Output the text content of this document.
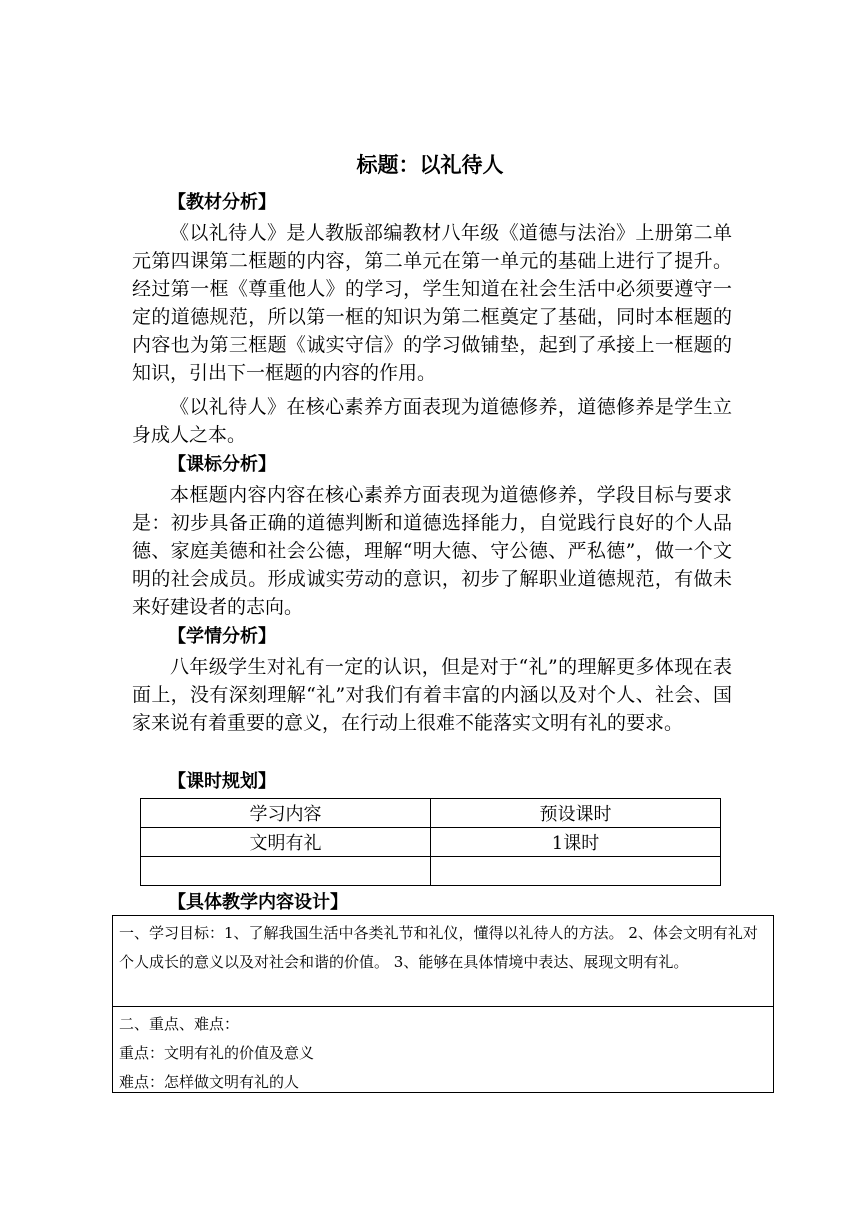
标题：以礼待人
【教材分析】

《以礼待人》是人教版部编教材八年级《道德与法治》上册第二单元第四课第二框题的内容，第二单元在第一单元的基础上进行了提升。经过第一框《尊重他人》的学习，学生知道在社会生活中必须要遵守一定的道德规范，所以第一框的知识为第二框奠定了基础，同时本框题的内容也为第三框题《诚实守信》的学习做铺垫，起到了承接上一框题的知识，引出下一框题的内容的作用。

《以礼待人》在核心素养方面表现为道德修养，道德修养是学生立身成人之本。

【课标分析】

本框题内容内容在核心素养方面表现为道德修养，学段目标与要求是：初步具备正确的道德判断和道德选择能力，自觉践行良好的个人品德、家庭美德和社会公德，理解“明大德、守公德、严私德”，做一个文明的社会成员。形成诚实劳动的意识，初步了解职业道德规范，有做未来好建设者的志向。

【学情分析】

八年级学生对礼有一定的认识，但是对于“礼”的理解更多体现在表面上，没有深刻理解“礼”对我们有着丰富的内涵以及对个人、社会、国家来说有着重要的意义，在行动上很难不能落实文明有礼的要求。

【课时规划】
学习内容	预设课时
文明有礼	1课时

【具体教学内容设计】

一、学习目标：1、了解我国生活中各类礼节和礼仪，懂得以礼待人的方法。 2、体会文明有礼对个人成长的意义以及对社会和谐的价值。 3、能够在具体情境中表达、展现文明有礼。

二、重点、难点：

重点：文明有礼的价值及意义

难点：怎样做文明有礼的人
